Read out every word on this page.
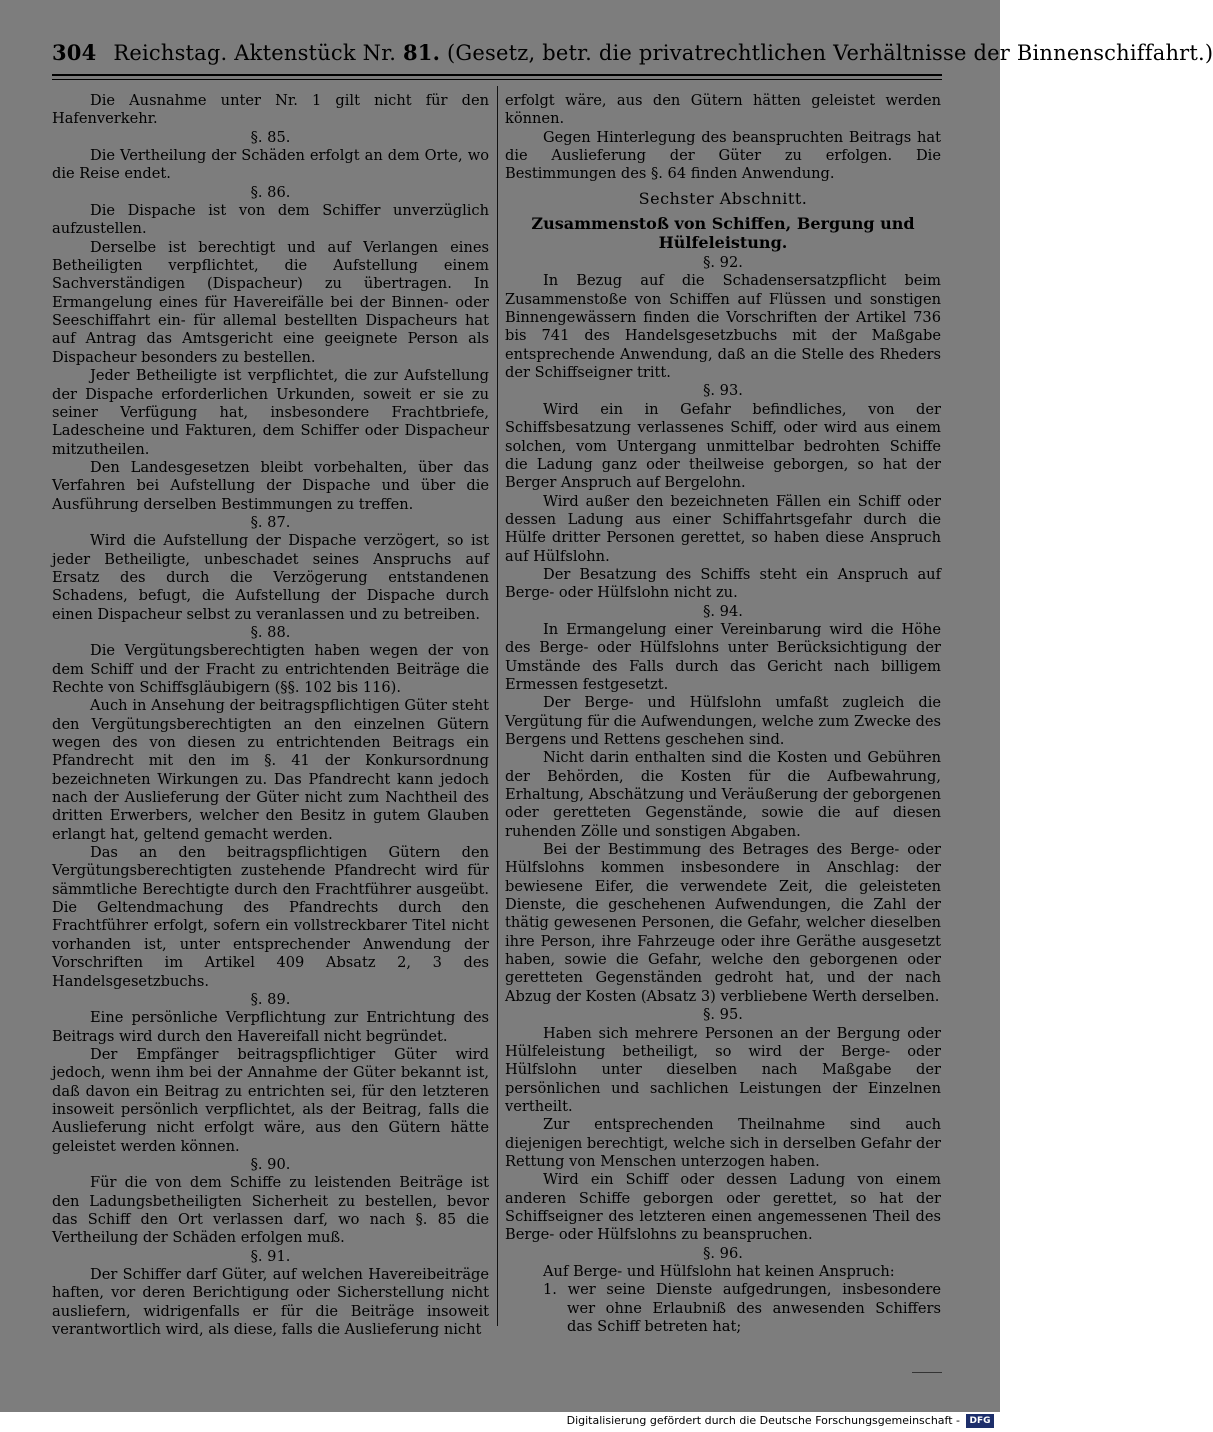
304 Reichstag. Aktenstück Nr. 81. (Gesetz, betr. die privatrechtlichen Verhältnisse der Binnenschiffahrt.)

Die Ausnahme unter Nr. 1 gilt nicht für den Hafenverkehr.

§. 85.

Die Vertheilung der Schäden erfolgt an dem Orte, wo die Reise endet.

§. 86.

Die Dispache ist von dem Schiffer unverzüglich aufzustellen.

Derselbe ist berechtigt und auf Verlangen eines Betheiligten verpflichtet, die Aufstellung einem Sachverständigen (Dispacheur) zu übertragen. In Ermangelung eines für Havereifälle bei der Binnen- oder Seeschiffahrt ein- für allemal bestellten Dispacheurs hat auf Antrag das Amtsgericht eine geeignete Person als Dispacheur besonders zu bestellen.

Jeder Betheiligte ist verpflichtet, die zur Aufstellung der Dispache erforderlichen Urkunden, soweit er sie zu seiner Verfügung hat, insbesondere Frachtbriefe, Ladescheine und Fakturen, dem Schiffer oder Dispacheur mitzutheilen.

Den Landesgesetzen bleibt vorbehalten, über das Verfahren bei Aufstellung der Dispache und über die Ausführung derselben Bestimmungen zu treffen.

§. 87.

Wird die Aufstellung der Dispache verzögert, so ist jeder Betheiligte, unbeschadet seines Anspruchs auf Ersatz des durch die Verzögerung entstandenen Schadens, befugt, die Aufstellung der Dispache durch einen Dispacheur selbst zu veranlassen und zu betreiben.

§. 88.

Die Vergütungsberechtigten haben wegen der von dem Schiff und der Fracht zu entrichtenden Beiträge die Rechte von Schiffsgläubigern (§§. 102 bis 116).

Auch in Ansehung der beitragspflichtigen Güter steht den Vergütungsberechtigten an den einzelnen Gütern wegen des von diesen zu entrichtenden Beitrags ein Pfandrecht mit den im §. 41 der Konkursordnung bezeichneten Wirkungen zu. Das Pfandrecht kann jedoch nach der Auslieferung der Güter nicht zum Nachtheil des dritten Erwerbers, welcher den Besitz in gutem Glauben erlangt hat, geltend gemacht werden.

Das an den beitragspflichtigen Gütern den Vergütungsberechtigten zustehende Pfandrecht wird für sämmtliche Berechtigte durch den Frachtführer ausgeübt. Die Geltendmachung des Pfandrechts durch den Frachtführer erfolgt, sofern ein vollstreckbarer Titel nicht vorhanden ist, unter entsprechender Anwendung der Vorschriften im Artikel 409 Absatz 2, 3 des Handelsgesetzbuchs.

§. 89.

Eine persönliche Verpflichtung zur Entrichtung des Beitrags wird durch den Havereifall nicht begründet.

Der Empfänger beitragspflichtiger Güter wird jedoch, wenn ihm bei der Annahme der Güter bekannt ist, daß davon ein Beitrag zu entrichten sei, für den letzteren insoweit persönlich verpflichtet, als der Beitrag, falls die Auslieferung nicht erfolgt wäre, aus den Gütern hätte geleistet werden können.

§. 90.

Für die von dem Schiffe zu leistenden Beiträge ist den Ladungsbetheiligten Sicherheit zu bestellen, bevor das Schiff den Ort verlassen darf, wo nach §. 85 die Vertheilung der Schäden erfolgen muß.

§. 91.

Der Schiffer darf Güter, auf welchen Havereibeiträge haften, vor deren Berichtigung oder Sicherstellung nicht ausliefern, widrigenfalls er für die Beiträge insoweit verantwortlich wird, als diese, falls die Auslieferung nicht

erfolgt wäre, aus den Gütern hätten geleistet werden können.

Gegen Hinterlegung des beanspruchten Beitrags hat die Auslieferung der Güter zu erfolgen. Die Bestimmungen des §. 64 finden Anwendung.

Sechster Abschnitt.

Zusammenstoß von Schiffen, Bergung und Hülfeleistung.

§. 92.

In Bezug auf die Schadensersatzpflicht beim Zusammenstoße von Schiffen auf Flüssen und sonstigen Binnengewässern finden die Vorschriften der Artikel 736 bis 741 des Handelsgesetzbuchs mit der Maßgabe entsprechende Anwendung, daß an die Stelle des Rheders der Schiffseigner tritt.

§. 93.

Wird ein in Gefahr befindliches, von der Schiffsbesatzung verlassenes Schiff, oder wird aus einem solchen, vom Untergang unmittelbar bedrohten Schiffe die Ladung ganz oder theilweise geborgen, so hat der Berger Anspruch auf Bergelohn.

Wird außer den bezeichneten Fällen ein Schiff oder dessen Ladung aus einer Schiffahrtsgefahr durch die Hülfe dritter Personen gerettet, so haben diese Anspruch auf Hülfslohn.

Der Besatzung des Schiffs steht ein Anspruch auf Berge- oder Hülfslohn nicht zu.

§. 94.

In Ermangelung einer Vereinbarung wird die Höhe des Berge- oder Hülfslohns unter Berücksichtigung der Umstände des Falls durch das Gericht nach billigem Ermessen festgesetzt.

Der Berge- und Hülfslohn umfaßt zugleich die Vergütung für die Aufwendungen, welche zum Zwecke des Bergens und Rettens geschehen sind.

Nicht darin enthalten sind die Kosten und Gebühren der Behörden, die Kosten für die Aufbewahrung, Erhaltung, Abschätzung und Veräußerung der geborgenen oder geretteten Gegenstände, sowie die auf diesen ruhenden Zölle und sonstigen Abgaben.

Bei der Bestimmung des Betrages des Berge- oder Hülfslohns kommen insbesondere in Anschlag: der bewiesene Eifer, die verwendete Zeit, die geleisteten Dienste, die geschehenen Aufwendungen, die Zahl der thätig gewesenen Personen, die Gefahr, welcher dieselben ihre Person, ihre Fahrzeuge oder ihre Geräthe ausgesetzt haben, sowie die Gefahr, welche den geborgenen oder geretteten Gegenständen gedroht hat, und der nach Abzug der Kosten (Absatz 3) verbliebene Werth derselben.

§. 95.

Haben sich mehrere Personen an der Bergung oder Hülfeleistung betheiligt, so wird der Berge- oder Hülfslohn unter dieselben nach Maßgabe der persönlichen und sachlichen Leistungen der Einzelnen vertheilt.

Zur entsprechenden Theilnahme sind auch diejenigen berechtigt, welche sich in derselben Gefahr der Rettung von Menschen unterzogen haben.

Wird ein Schiff oder dessen Ladung von einem anderen Schiffe geborgen oder gerettet, so hat der Schiffseigner des letzteren einen angemessenen Theil des Berge- oder Hülfslohns zu beanspruchen.

§. 96.

Auf Berge- und Hülfslohn hat keinen Anspruch:

1. wer seine Dienste aufgedrungen, insbesondere wer ohne Erlaubniß des anwesenden Schiffers das Schiff betreten hat;

Digitalisierung gefördert durch die Deutsche Forschungsgemeinschaft -	DFG
